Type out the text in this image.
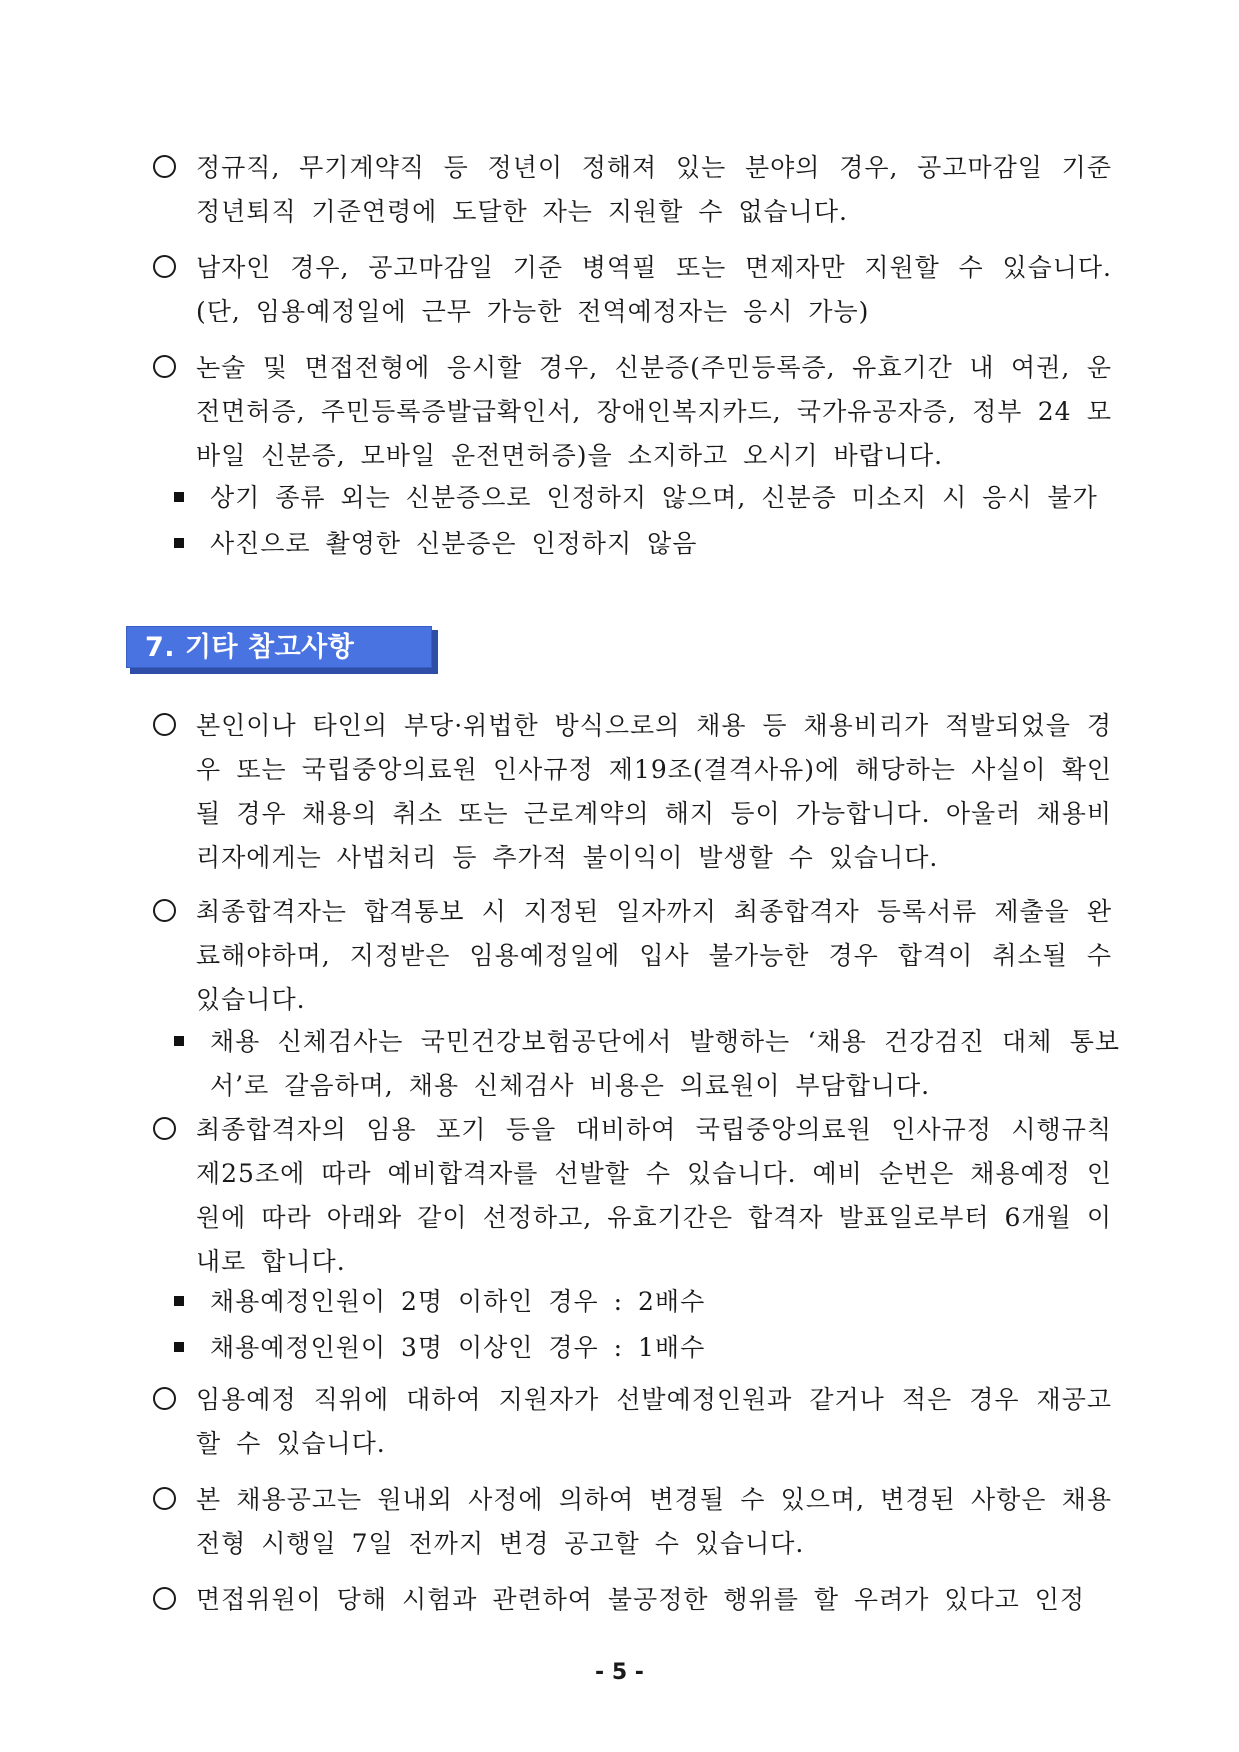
정규직, 무기계약직 등 정년이 정해져 있는 분야의 경우, 공고마감일 기준 정년퇴직 기준연령에 도달한 자는 지원할 수 없습니다.
남자인 경우, 공고마감일 기준 병역필 또는 면제자만 지원할 수 있습니다. (단, 임용예정일에 근무 가능한 전역예정자는 응시 가능)
논술 및 면접전형에 응시할 경우, 신분증(주민등록증, 유효기간 내 여권, 운전면허증, 주민등록증발급확인서, 장애인복지카드, 국가유공자증, 정부 24 모바일 신분증, 모바일 운전면허증)을 소지하고 오시기 바랍니다.
상기 종류 외는 신분증으로 인정하지 않으며, 신분증 미소지 시 응시 불가
사진으로 촬영한 신분증은 인정하지 않음
7. 기타 참고사항
본인이나 타인의 부당·위법한 방식으로의 채용 등 채용비리가 적발되었을 경우 또는 국립중앙의료원 인사규정 제19조(결격사유)에 해당하는 사실이 확인될 경우 채용의 취소 또는 근로계약의 해지 등이 가능합니다. 아울러 채용비리자에게는 사법처리 등 추가적 불이익이 발생할 수 있습니다.
최종합격자는 합격통보 시 지정된 일자까지 최종합격자 등록서류 제출을 완료해야하며, 지정받은 임용예정일에 입사 불가능한 경우 합격이 취소될 수 있습니다.
채용 신체검사는 국민건강보험공단에서 발행하는 ‘채용 건강검진 대체 통보서’로 갈음하며, 채용 신체검사 비용은 의료원이 부담합니다.
최종합격자의 임용 포기 등을 대비하여 국립중앙의료원 인사규정 시행규칙 제25조에 따라 예비합격자를 선발할 수 있습니다. 예비 순번은 채용예정 인원에 따라 아래와 같이 선정하고, 유효기간은 합격자 발표일로부터 6개월 이내로 합니다.
채용예정인원이 2명 이하인 경우 : 2배수
채용예정인원이 3명 이상인 경우 : 1배수
임용예정 직위에 대하여 지원자가 선발예정인원과 같거나 적은 경우 재공고 할 수 있습니다.
본 채용공고는 원내외 사정에 의하여 변경될 수 있으며, 변경된 사항은 채용전형 시행일 7일 전까지 변경 공고할 수 있습니다.
면접위원이 당해 시험과 관련하여 불공정한 행위를 할 우려가 있다고 인정
- 5 -
